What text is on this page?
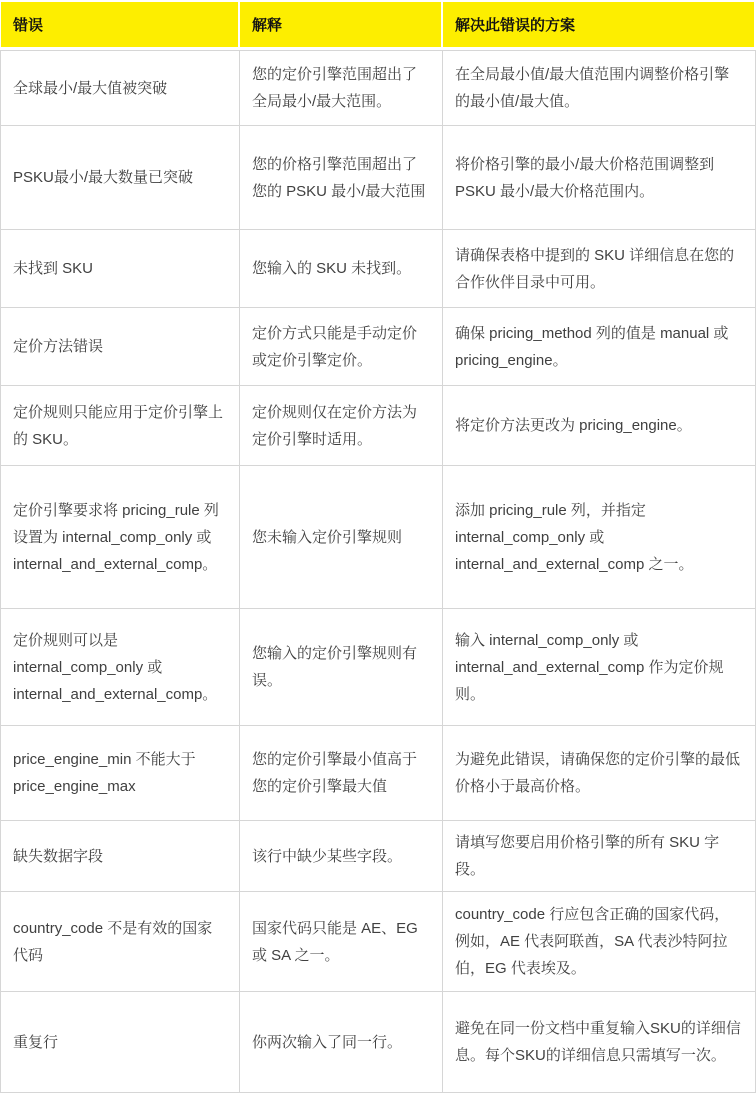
错误	解释	解决此错误的方案
全球最小/最大值被突破	您的定价引擎范围超出了全局最小/最大范围。	在全局最小值/最大值范围内调整价格引擎的最小值/最大值。
PSKU最小/最大数量已突破	您的价格引擎范围超出了您的 PSKU 最小/最大范围	将价格引擎的最小/最大价格范围调整到 PSKU 最小/最大价格范围内。
未找到 SKU	您输入的 SKU 未找到。	请确保表格中提到的 SKU 详细信息在您的合作伙伴目录中可用。
定价方法错误	定价方式只能是手动定价或定价引擎定价。	确保 pricing_method 列的值是 manual 或 pricing_engine。
定价规则只能应用于定价引擎上的 SKU。	定价规则仅在定价方法为定价引擎时适用。	将定价方法更改为 pricing_engine。
定价引擎要求将 pricing_rule 列设置为 internal_comp_only 或 internal_and_external_comp。	您未输入定价引擎规则	添加 pricing_rule 列，并指定 internal_comp_only 或 internal_and_external_comp 之一。
定价规则可以是 internal_comp_only 或 internal_and_external_comp。	您输入的定价引擎规则有误。	输入 internal_comp_only 或 internal_and_external_comp 作为定价规则。
price_engine_min 不能大于 price_engine_max	您的定价引擎最小值高于您的定价引擎最大值	为避免此错误，请确保您的定价引擎的最低价格小于最高价格。
缺失数据字段	该行中缺少某些字段。	请填写您要启用价格引擎的所有 SKU 字段。
country_code 不是有效的国家代码	国家代码只能是 AE、EG 或 SA 之一。	country_code 行应包含正确的国家代码，例如，AE 代表阿联酋，SA 代表沙特阿拉伯，EG 代表埃及。
重复行	你两次输入了同一行。	避免在同一份文档中重复输入SKU的详细信息。每个SKU的详细信息只需填写一次。
